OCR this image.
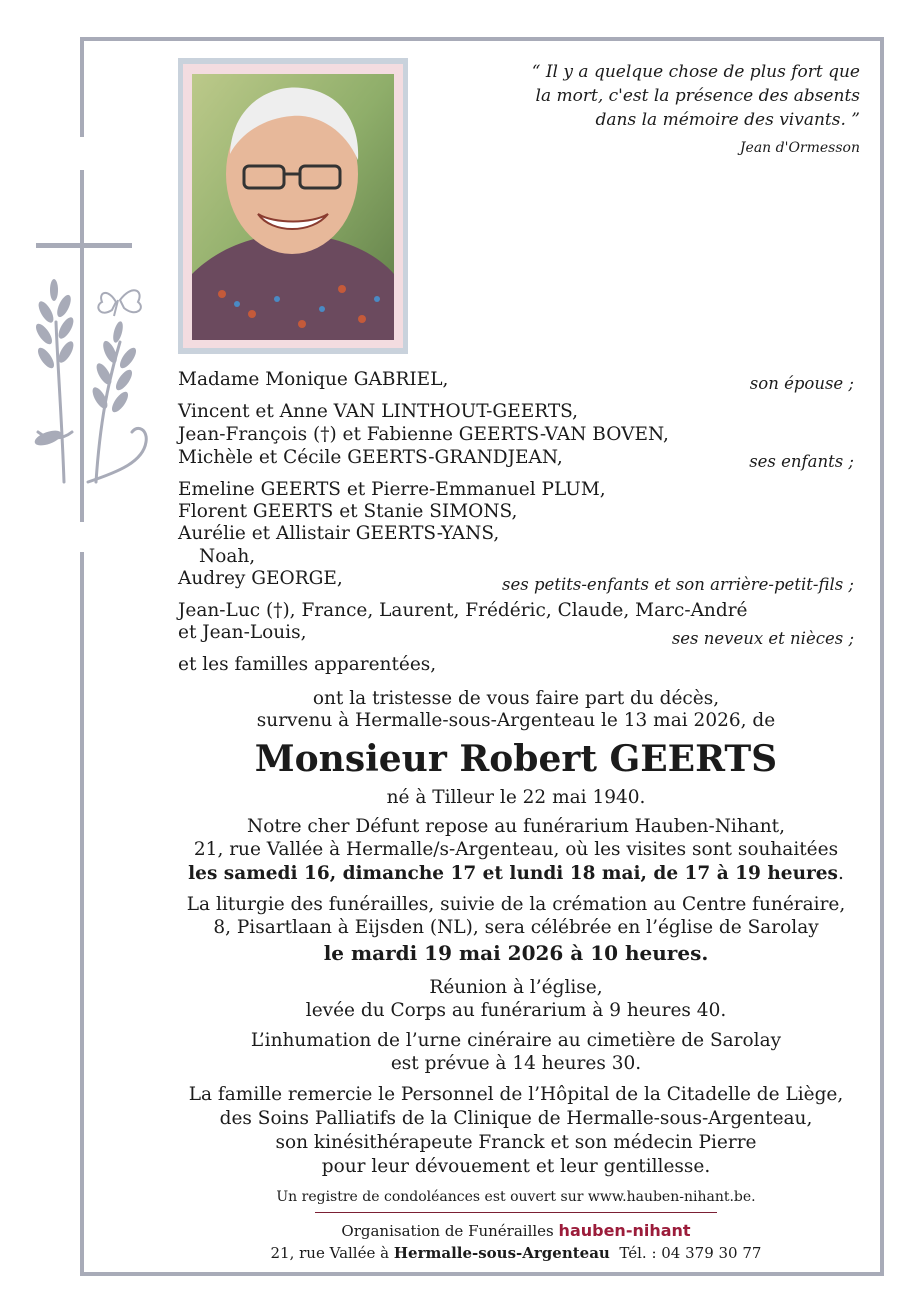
“ Il y a quelque chose de plus fort que
la mort, c'est la présence des absents
dans la mémoire des vivants. ”
Jean d'Ormesson
Madame Monique GABRIEL,	son épouse ;
Vincent et Anne VAN LINTHOUT-GEERTS,
Jean-François (†) et Fabienne GEERTS-VAN BOVEN,
Michèle et Cécile GEERTS-GRANDJEAN,	ses enfants ;
Emeline GEERTS et Pierre-Emmanuel PLUM,
Florent GEERTS et Stanie SIMONS,
Aurélie et Allistair GEERTS-YANS,
Noah,
Audrey GEORGE,	ses petits-enfants et son arrière-petit-fils ;
Jean-Luc (†), France, Laurent, Frédéric, Claude, Marc-André
et Jean-Louis,	ses neveux et nièces ;
et les familles apparentées,
ont la tristesse de vous faire part du décès,
survenu à Hermalle-sous-Argenteau le 13 mai 2026, de
Monsieur Robert GEERTS
né à Tilleur le 22 mai 1940.
Notre cher Défunt repose au funérarium Hauben-Nihant,
21, rue Vallée à Hermalle/s-Argenteau, où les visites sont souhaitées
les samedi 16, dimanche 17 et lundi 18 mai, de 17 à 19 heures.
La liturgie des funérailles, suivie de la crémation au Centre funéraire,
8, Pisartlaan à Eijsden (NL), sera célébrée en l’église de Sarolay
le mardi 19 mai 2026 à 10 heures.
Réunion à l’église,
levée du Corps au funérarium à 9 heures 40.
L’inhumation de l’urne cinéraire au cimetière de Sarolay
est prévue à 14 heures 30.
La famille remercie le Personnel de l’Hôpital de la Citadelle de Liège,
des Soins Palliatifs de la Clinique de Hermalle-sous-Argenteau,
son kinésithérapeute Franck et son médecin Pierre
pour leur dévouement et leur gentillesse.
Un registre de condoléances est ouvert sur www.hauben-nihant.be.
Organisation de Funérailles hauben-nihant
21, rue Vallée à Hermalle-sous-Argenteau Tél. : 04 379 30 77
